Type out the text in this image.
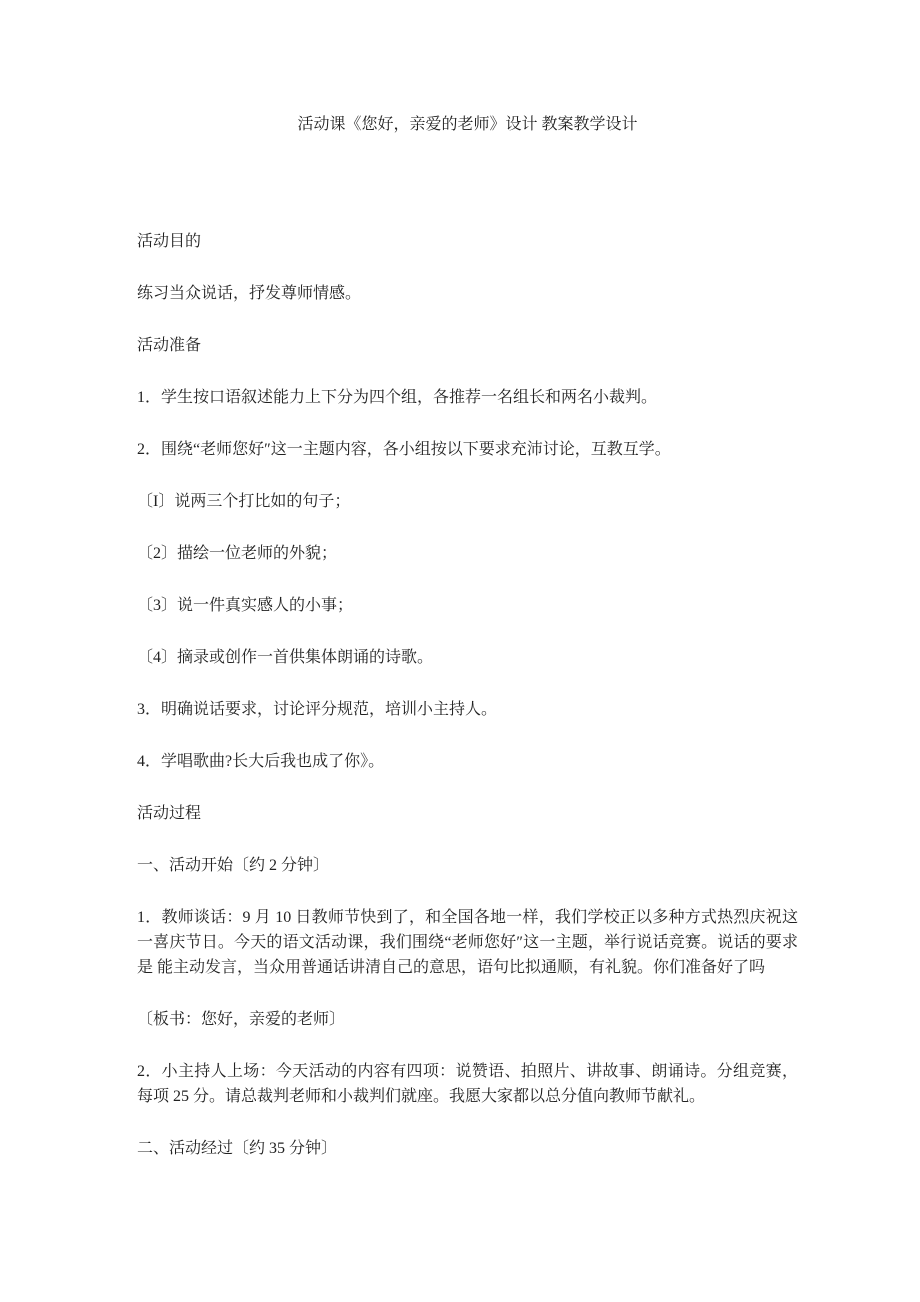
活动课《您好，亲爱的老师》设计 教案教学设计

活动目的

练习当众说话，抒发尊师情感。

活动准备

1．学生按口语叙述能力上下分为四个组，各推荐一名组长和两名小裁判。

2．围绕“老师您好″这一主题内容，各小组按以下要求充沛讨论，互教互学。

〔I〕说两三个打比如的句子；

〔2〕描绘一位老师的外貌；

〔3〕说一件真实感人的小事；

〔4〕摘录或创作一首供集体朗诵的诗歌。

3．明确说话要求，讨论评分规范，培训小主持人。

4．学唱歌曲?长大后我也成了你》。

活动过程

一、活动开始〔约 2 分钟〕

1．教师谈话：9 月 10 日教师节快到了，和全国各地一样，我们学校正以多种方式热烈庆祝这一喜庆节日。今天的语文活动课，我们围绕“老师您好″这一主题，举行说话竞赛。说话的要求是 能主动发言，当众用普通话讲清自己的意思，语句比拟通顺，有礼貌。你们准备好了吗

〔板书：您好，亲爱的老师〕

2．小主持人上场：今天活动的内容有四项：说赞语、拍照片、讲故事、朗诵诗。分组竞赛，每项 25 分。请总裁判老师和小裁判们就座。我愿大家都以总分值向教师节献礼。

二、活动经过〔约 35 分钟〕
